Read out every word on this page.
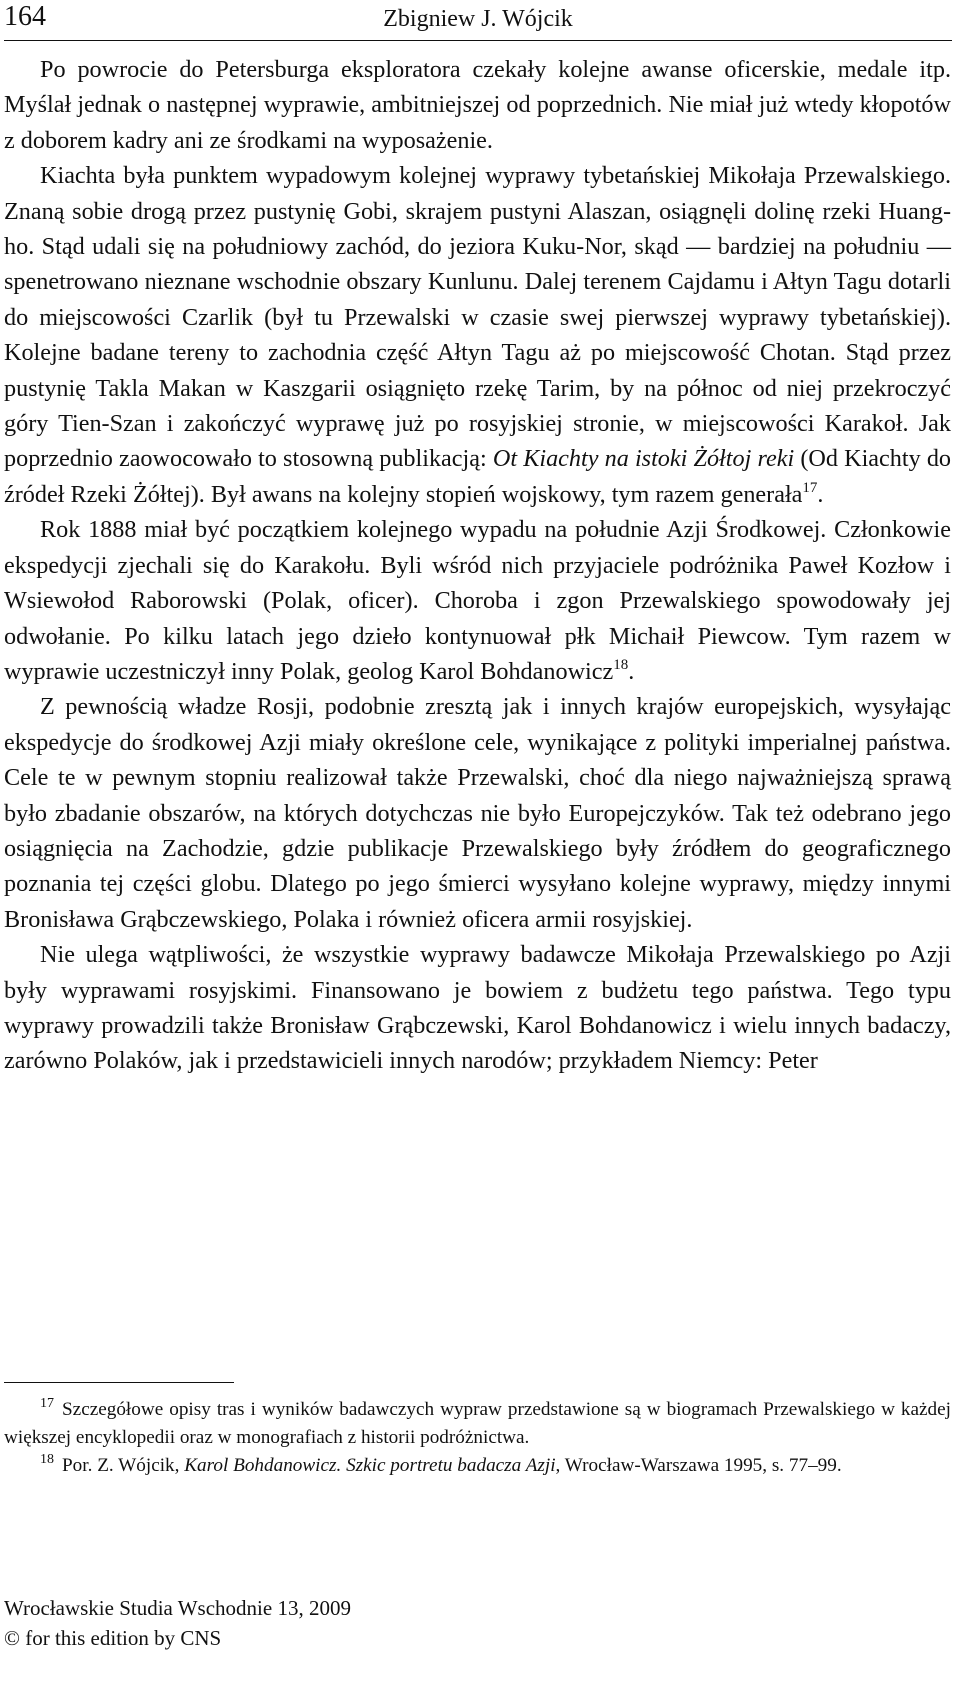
164	Zbigniew J. Wójcik

Po powrocie do Petersburga eksploratora czekały kolejne awanse oficerskie, medale itp. Myślał jednak o następnej wyprawie, ambitniejszej od poprzednich. Nie miał już wtedy kłopotów z doborem kadry ani ze środkami na wyposażenie.

Kiachta była punktem wypadowym kolejnej wyprawy tybetańskiej Mikołaja Przewalskiego. Znaną sobie drogą przez pustynię Gobi, skrajem pustyni Alaszan, osiągnęli dolinę rzeki Huang-ho. Stąd udali się na południowy zachód, do jeziora Kuku-Nor, skąd — bardziej na południu — spenetrowano nieznane wschodnie obszary Kunlunu. Dalej terenem Cajdamu i Ałtyn Tagu dotarli do miejscowości Czarlik (był tu Przewalski w czasie swej pierwszej wyprawy tybetańskiej). Kolejne badane tereny to zachodnia część Ałtyn Tagu aż po miejscowość Chotan. Stąd przez pustynię Takla Makan w Kaszgarii osiągnięto rzekę Tarim, by na północ od niej przekroczyć góry Tien-Szan i zakończyć wyprawę już po rosyjskiej stronie, w miejscowości Karakoł. Jak poprzednio zaowocowało to stosowną publikacją: Ot Kiachty na istoki Żółtoj reki (Od Kiachty do źródeł Rzeki Żółtej). Był awans na kolejny stopień wojskowy, tym razem generała$^{17}$.

Rok 1888 miał być początkiem kolejnego wypadu na południe Azji Środkowej. Członkowie ekspedycji zjechali się do Karakołu. Byli wśród nich przyjaciele podróżnika Paweł Kozłow i Wsiewołod Raborowski (Polak, oficer). Choroba i zgon Przewalskiego spowodowały jej odwołanie. Po kilku latach jego dzieło kontynuował płk Michaił Piewcow. Tym razem w wyprawie uczestniczył inny Polak, geolog Karol Bohdanowicz$^{18}$.

Z pewnością władze Rosji, podobnie zresztą jak i innych krajów europejskich, wysyłając ekspedycje do środkowej Azji miały określone cele, wynikające z polityki imperialnej państwa. Cele te w pewnym stopniu realizował także Przewalski, choć dla niego najważniejszą sprawą było zbadanie obszarów, na których dotychczas nie było Europejczyków. Tak też odebrano jego osiągnięcia na Zachodzie, gdzie publikacje Przewalskiego były źródłem do geograficznego poznania tej części globu. Dlatego po jego śmierci wysyłano kolejne wyprawy, między innymi Bronisława Grąbczewskiego, Polaka i również oficera armii rosyjskiej.

Nie ulega wątpliwości, że wszystkie wyprawy badawcze Mikołaja Przewalskiego po Azji były wyprawami rosyjskimi. Finansowano je bowiem z budżetu tego państwa. Tego typu wyprawy prowadzili także Bronisław Grąbczewski, Karol Bohdanowicz i wielu innych badaczy, zarówno Polaków, jak i przedstawicieli innych narodów; przykładem Niemcy: Peter

$^{17}$ Szczegółowe opisy tras i wyników badawczych wypraw przedstawione są w biogramach Przewalskiego w każdej większej encyklopedii oraz w monografiach z historii podróżnictwa.

$^{18}$ Por. Z. Wójcik, Karol Bohdanowicz. Szkic portretu badacza Azji, Wrocław-Warszawa 1995, s. 77–99.

Wrocławskie Studia Wschodnie 13, 2009
© for this edition by CNS
